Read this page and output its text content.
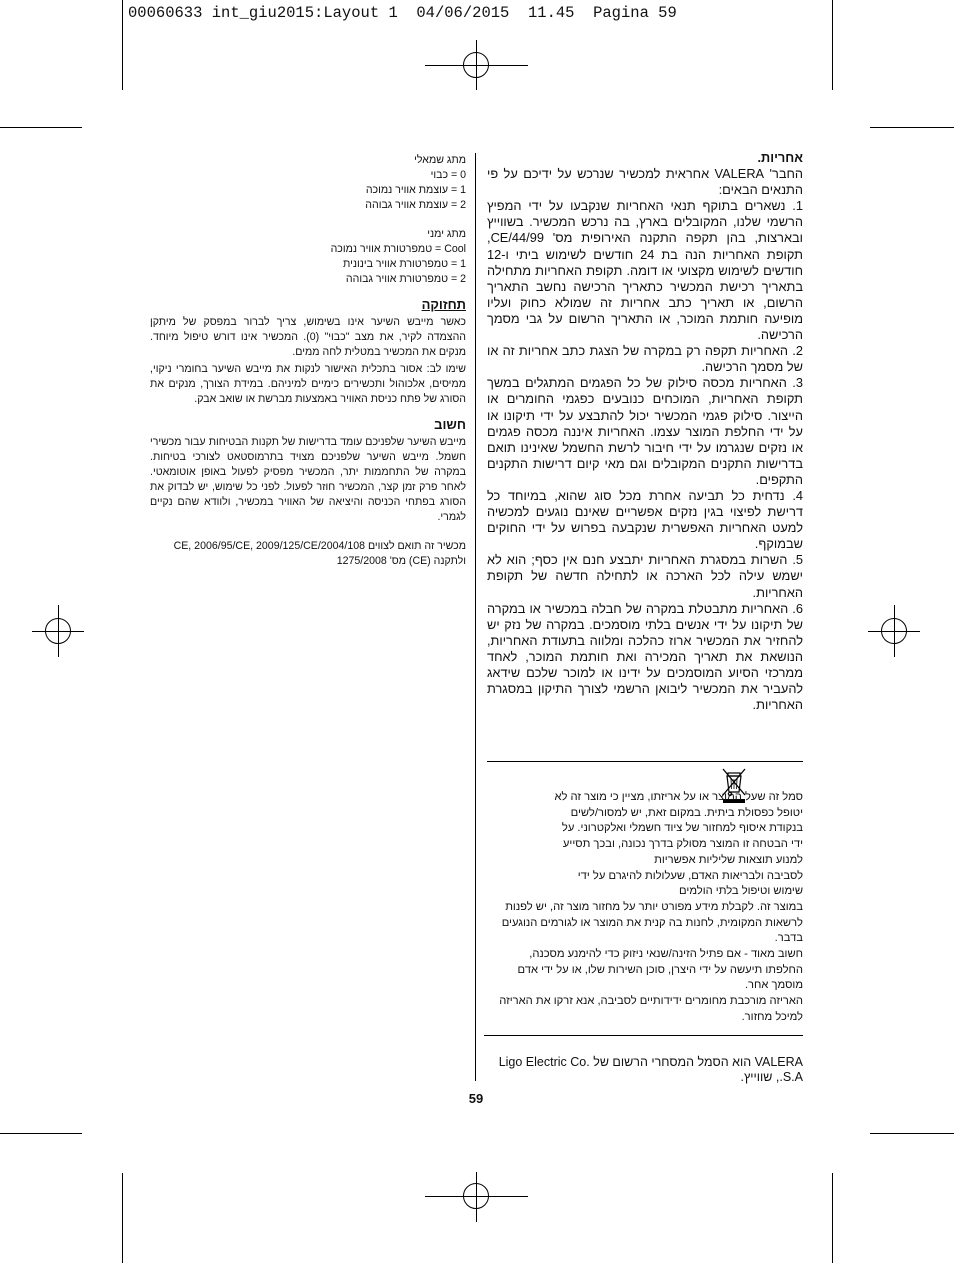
00060633 int_giu2015:Layout 1  04/06/2015  11.45  Pagina 59

מתג שמאלי

0 = כבוי

1 = עוצמת אוויר נמוכה

2 = עוצמת אוויר גבוהה

מתג ימני

Cool = טמפרטורת אוויר נמוכה

1 = טמפרטורת אוויר בינונית

2 = טמפרטורת אוויר גבוהה

תחזוקה

כאשר מייבש השיער אינו בשימוש, צריך לברור במפסק של מיתקן ההצמדה לקיר, את מצב "כבוי" (0). המכשיר אינו דורש טיפול מיוחד. מנקים את המכשיר במטלית לחה ממים.

שימו לב: אסור בתכלית האישור לנקות את מייבש השיער בחומרי ניקוי, ממיסים, אלכוהול ותכשירים כימיים למיניהם. במידת הצורך, מנקים את הסורג של פתח כניסת האוויר באמצעות מברשת או שואב אבק.

חשוב

מייבש השיער שלפניכם עומד בדרישות של תקנות הבטיחות עבור מכשירי חשמל. מייבש השיער שלפניכם מצויד בתרמוסטאט לצורכי בטיחות. במקרה של התחממות יתר, המכשיר מפסיק לפעול באופן אוטומאטי. לאחר פרק זמן קצר, המכשיר חוזר לפעול. לפני כל שימוש, יש לבדוק את הסורג בפתחי הכניסה והיציאה של האוויר במכשיר, ולוודא שהם נקיים לגמרי.

מכשיר זה תואם לצווים CE, 2006/95/CE, 2009/125/CE/2004/108 ולתקנה (CE) מס' 1275/2008

אחריות.

החבר' VALERA אחראית למכשיר שנרכש על ידיכם על פי התנאים הבאים:

1. נשארים בתוקף תנאי האחריות שנקבעו על ידי המפיץ הרשמי שלנו, המקובלים בארץ, בה נרכש המכשיר. בשווייץ ובארצות, בהן תקפה התקנה האירופית מס' 44/99/CE, תקופת האחריות הנה בת 24 חודשים לשימוש ביתי ו-12 חודשים לשימוש מקצועי או דומה. תקופת האחריות מתחילה בתאריך רכישת המכשיר כתאריך הרכישה נחשב התאריך הרשום, או תאריך כתב אחריות זה שמולא כחוק ועליו מופיעה חותמת המוכר, או התאריך הרשום על גבי מסמך הרכישה.

2. האחריות תקפה רק במקרה של הצגת כתב אחריות זה או של מסמך הרכישה.

3. האחריות מכסה סילוק של כל הפגמים המתגלים במשך תקופת האחריות, המוכחים כנובעים כפגמי החומרים או הייצור. סילוק פגמי המכשיר יכול להתבצע על ידי תיקונו או על ידי החלפת המוצר עצמו. האחריות איננה מכסה פגמים או נזקים שנגרמו על ידי חיבור לרשת החשמל שאינינו תואם בדרישות התקנים המקובלים וגם מאי קיום דרישות התקנים התקפים.

4. נדחית כל תביעה אחרת מכל סוג שהוא, במיוחד כל דרישת לפיצוי בגין נזקים אפשריים שאינם נוגעים למכשיה למעט האחריות האפשרית שנקבעה בפרוש על ידי החוקים שבמוקף.

5. השרות במסגרת האחריות יתבצע חנם אין כסף; הוא לא ישמש עילה לכל הארכה או לתחילה חדשה של תקופת האחריות.

6. האחריות מתבטלת במקרה של חבלה במכשיר או במקרה של תיקונו על ידי אנשים בלתי מוסמכים. במקרה של נזק יש להחזיר את המכשיר ארוז כהלכה ומלווה בתעודת האחריות, הנושאת את תאריך המכירה ואת חותמת המוכר, לאחד ממרכזי הסיוע המוסמכים על ידינו או למוכר שלכם שידאג להעביר את המכשיר ליבואן הרשמי לצורך התיקון במסגרת האחריות.

סמל זה שעל המוצר או על אריזתו, מציין כי מוצר זה לא יטופל כפסולת ביתית. במקום זאת, יש למסור/לשים בנקודת איסוף למחזור של ציוד חשמלי ואלקטרוני. על ידי הבטחה זו המוצר מסולק בדרך נכונה, ובכך תסייע למנוע תוצאות שליליות אפשריות
לסביבה ולבריאות האדם, שעלולות להיגרם על ידי שימוש וטיפול בלתי הולמים
במוצר זה. לקבלת מידע מפורט יותר על מחזור מוצר זה, יש לפנות לרשאות המקומית, לחנות בה קנית את המוצר או לגורמים הנוגעים בדבר.
חשוב מאוד - אם פתיל הזינה/שנאי ניזוק כדי להימנע מסכנה, החלפתו תיעשה על ידי היצרן, סוכן השירות שלו, או על ידי אדם מוסמך אחר.
האריזה מורכבת מחומרים ידידותיים לסביבה, אנא זרקו את האריזה למיכל מחזור.
VALERA הוא הסמל המסחרי הרשום של Ligo Electric Co. S.A., שווייץ.
59
